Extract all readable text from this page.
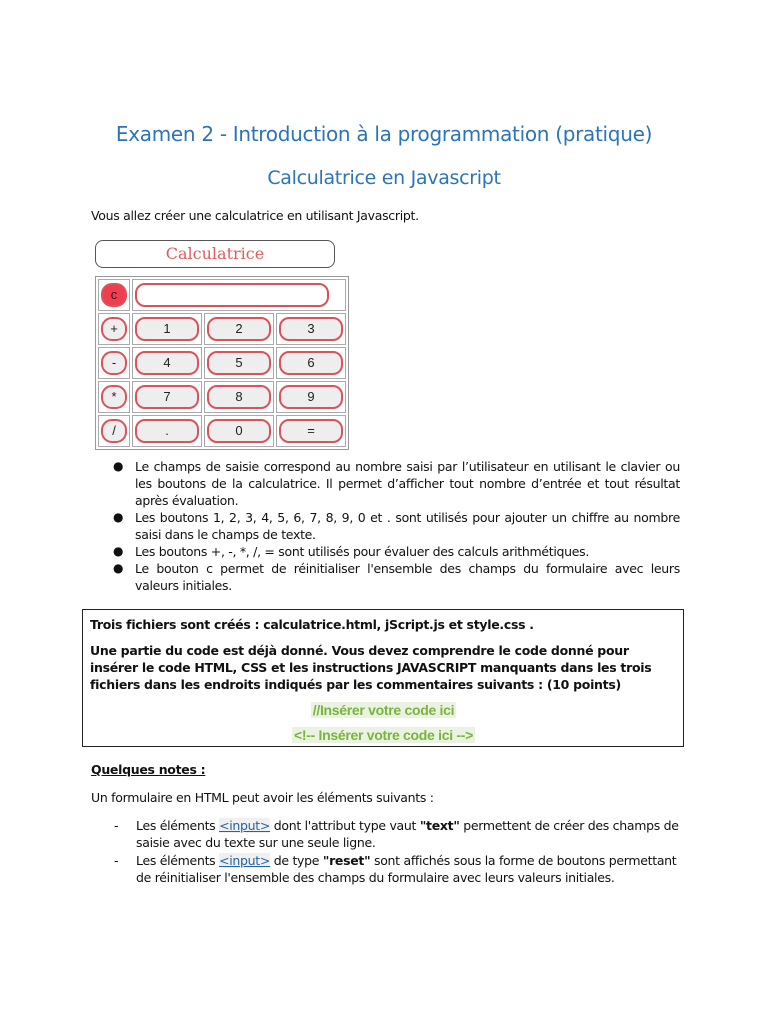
Examen 2 - Introduction à la programmation (pratique)
Calculatrice en Javascript
Vous allez créer une calculatrice en utilisant Javascript.
Calculatrice
c			

+	1	2	3
-	4	5	6
*	7	8	9
/	.	0	=
● Le champs de saisie correspond au nombre saisi par l’utilisateur en utilisant le clavier ou les boutons de la calculatrice. Il permet d’afficher tout nombre d’entrée et tout résultat après évaluation.
● Les boutons 1, 2, 3, 4, 5, 6, 7, 8, 9, 0 et . sont utilisés pour ajouter un chiffre au nombre saisi dans le champs de texte.
● Les boutons +, -, *, /, = sont utilisés pour évaluer des calculs arithmétiques.
● Le bouton c permet de réinitialiser l'ensemble des champs du formulaire avec leurs valeurs initiales.

Trois fichiers sont créés : calculatrice.html, jScript.js et style.css .

Une partie du code est déjà donné. Vous devez comprendre le code donné pour insérer le code HTML, CSS et les instructions JAVASCRIPT manquants dans les trois fichiers dans les endroits indiqués par les commentaires suivants : (10 points)

//Insérer votre code ici
<!-- Insérer votre code ici -->
Quelques notes :
Un formulaire en HTML peut avoir les éléments suivants :
- Les éléments <input> dont l'attribut type vaut "text" permettent de créer des champs de saisie avec du texte sur une seule ligne.
- Les éléments <input> de type "reset" sont affichés sous la forme de boutons permettant de réinitialiser l'ensemble des champs du formulaire avec leurs valeurs initiales.
